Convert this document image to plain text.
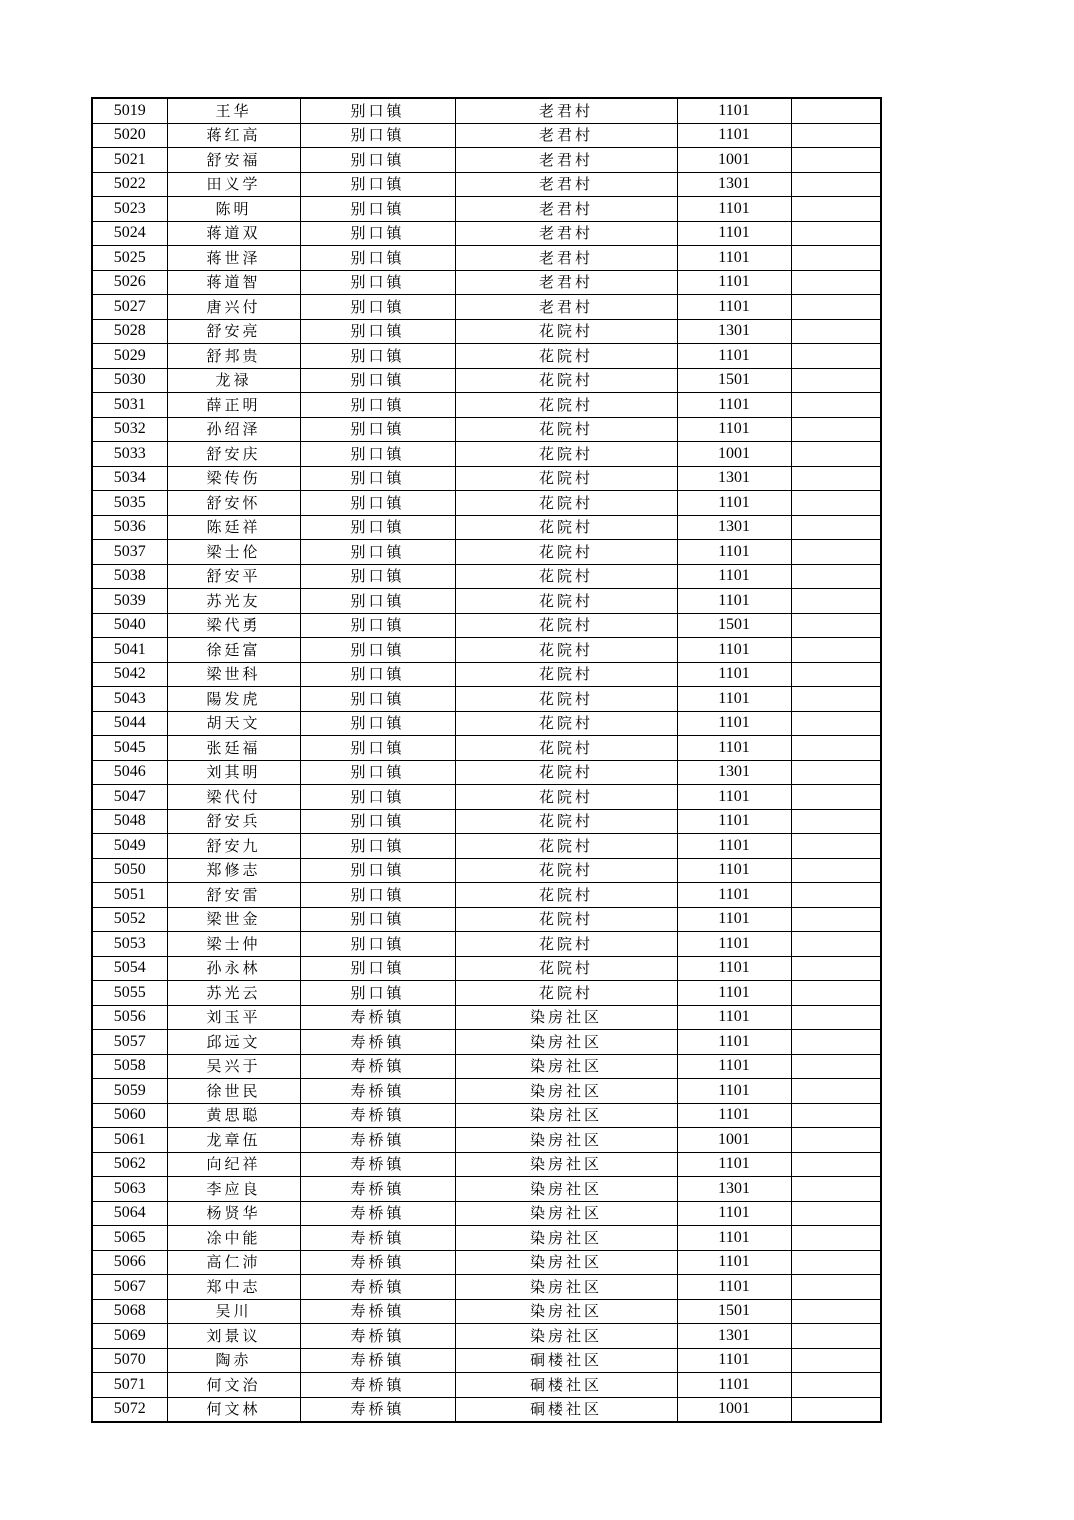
5019	王华	别口镇	老君村	1101	
5020	蒋红高	别口镇	老君村	1101	
5021	舒安福	别口镇	老君村	1001	
5022	田义学	别口镇	老君村	1301	
5023	陈明	别口镇	老君村	1101	
5024	蒋道双	别口镇	老君村	1101	
5025	蒋世泽	别口镇	老君村	1101	
5026	蒋道智	别口镇	老君村	1101	
5027	唐兴付	别口镇	老君村	1101	
5028	舒安亮	别口镇	花院村	1301	
5029	舒邦贵	别口镇	花院村	1101	
5030	龙禄	别口镇	花院村	1501	
5031	薛正明	别口镇	花院村	1101	
5032	孙绍泽	别口镇	花院村	1101	
5033	舒安庆	别口镇	花院村	1001	
5034	梁传伤	别口镇	花院村	1301	
5035	舒安怀	别口镇	花院村	1101	
5036	陈廷祥	别口镇	花院村	1301	
5037	梁士伦	别口镇	花院村	1101	
5038	舒安平	别口镇	花院村	1101	
5039	苏光友	别口镇	花院村	1101	
5040	梁代勇	别口镇	花院村	1501	
5041	徐廷富	别口镇	花院村	1101	
5042	梁世科	别口镇	花院村	1101	
5043	陽发虎	别口镇	花院村	1101	
5044	胡天文	别口镇	花院村	1101	
5045	张廷福	别口镇	花院村	1101	
5046	刘其明	别口镇	花院村	1301	
5047	梁代付	别口镇	花院村	1101	
5048	舒安兵	别口镇	花院村	1101	
5049	舒安九	别口镇	花院村	1101	
5050	郑修志	别口镇	花院村	1101	
5051	舒安雷	别口镇	花院村	1101	
5052	梁世金	别口镇	花院村	1101	
5053	梁士仲	别口镇	花院村	1101	
5054	孙永林	别口镇	花院村	1101	
5055	苏光云	别口镇	花院村	1101	
5056	刘玉平	寿桥镇	染房社区	1101	
5057	邱远文	寿桥镇	染房社区	1101	
5058	吴兴于	寿桥镇	染房社区	1101	
5059	徐世民	寿桥镇	染房社区	1101	
5060	黄思聪	寿桥镇	染房社区	1101	
5061	龙章伍	寿桥镇	染房社区	1001	
5062	向纪祥	寿桥镇	染房社区	1101	
5063	李应良	寿桥镇	染房社区	1301	
5064	杨贤华	寿桥镇	染房社区	1101	
5065	凃中能	寿桥镇	染房社区	1101	
5066	高仁沛	寿桥镇	染房社区	1101	
5067	郑中志	寿桥镇	染房社区	1101	
5068	吴川	寿桥镇	染房社区	1501	
5069	刘景议	寿桥镇	染房社区	1301	
5070	陶赤	寿桥镇	硐楼社区	1101	
5071	何文治	寿桥镇	硐楼社区	1101	
5072	何文林	寿桥镇	硐楼社区	1001	
